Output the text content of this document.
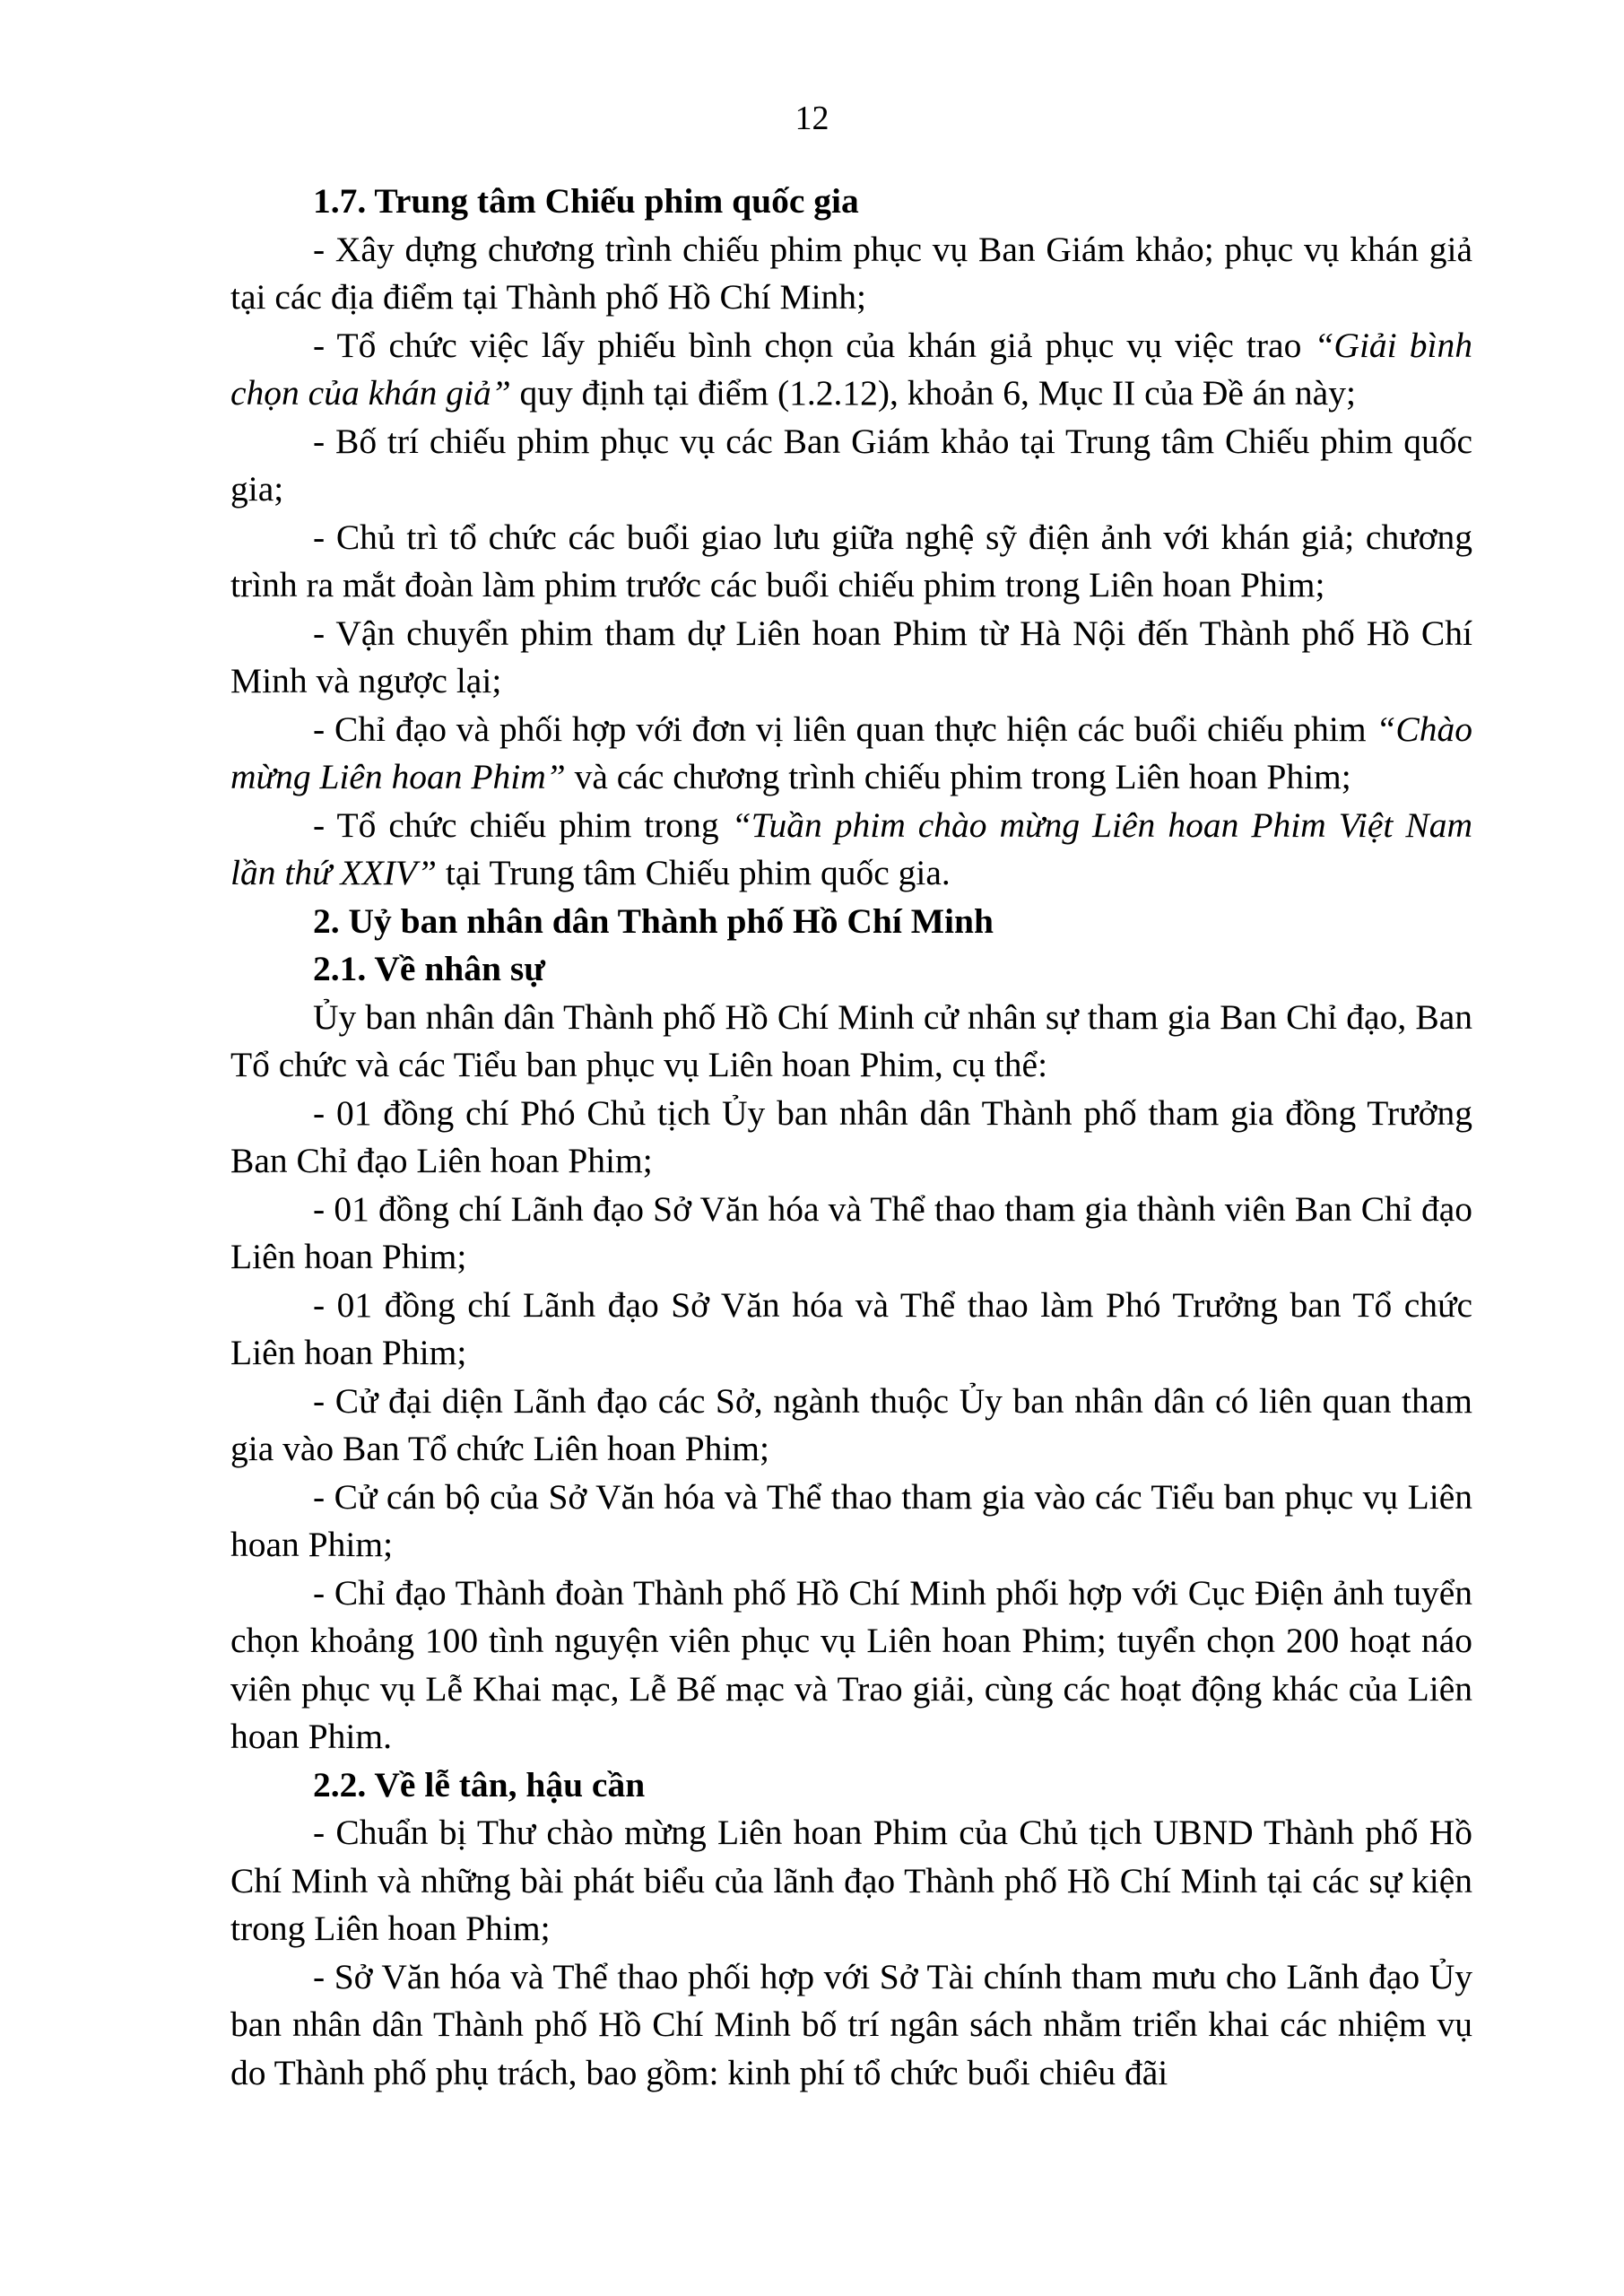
12

1.7. Trung tâm Chiếu phim quốc gia

- Xây dựng chương trình chiếu phim phục vụ Ban Giám khảo; phục vụ khán giả tại các địa điểm tại Thành phố Hồ Chí Minh;

- Tổ chức việc lấy phiếu bình chọn của khán giả phục vụ việc trao “Giải bình chọn của khán giả” quy định tại điểm (1.2.12), khoản 6, Mục II của Đề án này;

- Bố trí chiếu phim phục vụ các Ban Giám khảo tại Trung tâm Chiếu phim quốc gia;

- Chủ trì tổ chức các buổi giao lưu giữa nghệ sỹ điện ảnh với khán giả; chương trình ra mắt đoàn làm phim trước các buổi chiếu phim trong Liên hoan Phim;

- Vận chuyển phim tham dự Liên hoan Phim từ Hà Nội đến Thành phố Hồ Chí Minh và ngược lại;

- Chỉ đạo và phối hợp với đơn vị liên quan thực hiện các buổi chiếu phim “Chào mừng Liên hoan Phim” và các chương trình chiếu phim trong Liên hoan Phim;

- Tổ chức chiếu phim trong “Tuần phim chào mừng Liên hoan Phim Việt Nam lần thứ XXIV” tại Trung tâm Chiếu phim quốc gia.

2. Uỷ ban nhân dân Thành phố Hồ Chí Minh

2.1. Về nhân sự

Ủy ban nhân dân Thành phố Hồ Chí Minh cử nhân sự tham gia Ban Chỉ đạo, Ban Tổ chức và các Tiểu ban phục vụ Liên hoan Phim, cụ thể:

- 01 đồng chí Phó Chủ tịch Ủy ban nhân dân Thành phố tham gia đồng Trưởng Ban Chỉ đạo Liên hoan Phim;

- 01 đồng chí Lãnh đạo Sở Văn hóa và Thể thao tham gia thành viên Ban Chỉ đạo Liên hoan Phim;

- 01 đồng chí Lãnh đạo Sở Văn hóa và Thể thao làm Phó Trưởng ban Tổ chức Liên hoan Phim;

- Cử đại diện Lãnh đạo các Sở, ngành thuộc Ủy ban nhân dân có liên quan tham gia vào Ban Tổ chức Liên hoan Phim;

- Cử cán bộ của Sở Văn hóa và Thể thao tham gia vào các Tiểu ban phục vụ Liên hoan Phim;

- Chỉ đạo Thành đoàn Thành phố Hồ Chí Minh phối hợp với Cục Điện ảnh tuyển chọn khoảng 100 tình nguyện viên phục vụ Liên hoan Phim; tuyển chọn 200 hoạt náo viên phục vụ Lễ Khai mạc, Lễ Bế mạc và Trao giải, cùng các hoạt động khác của Liên hoan Phim.

2.2. Về lễ tân, hậu cần

- Chuẩn bị Thư chào mừng Liên hoan Phim của Chủ tịch UBND Thành phố Hồ Chí Minh và những bài phát biểu của lãnh đạo Thành phố Hồ Chí Minh tại các sự kiện trong Liên hoan Phim;

- Sở Văn hóa và Thể thao phối hợp với Sở Tài chính tham mưu cho Lãnh đạo Ủy ban nhân dân Thành phố Hồ Chí Minh bố trí ngân sách nhằm triển khai các nhiệm vụ do Thành phố phụ trách, bao gồm: kinh phí tổ chức buổi chiêu đãi
